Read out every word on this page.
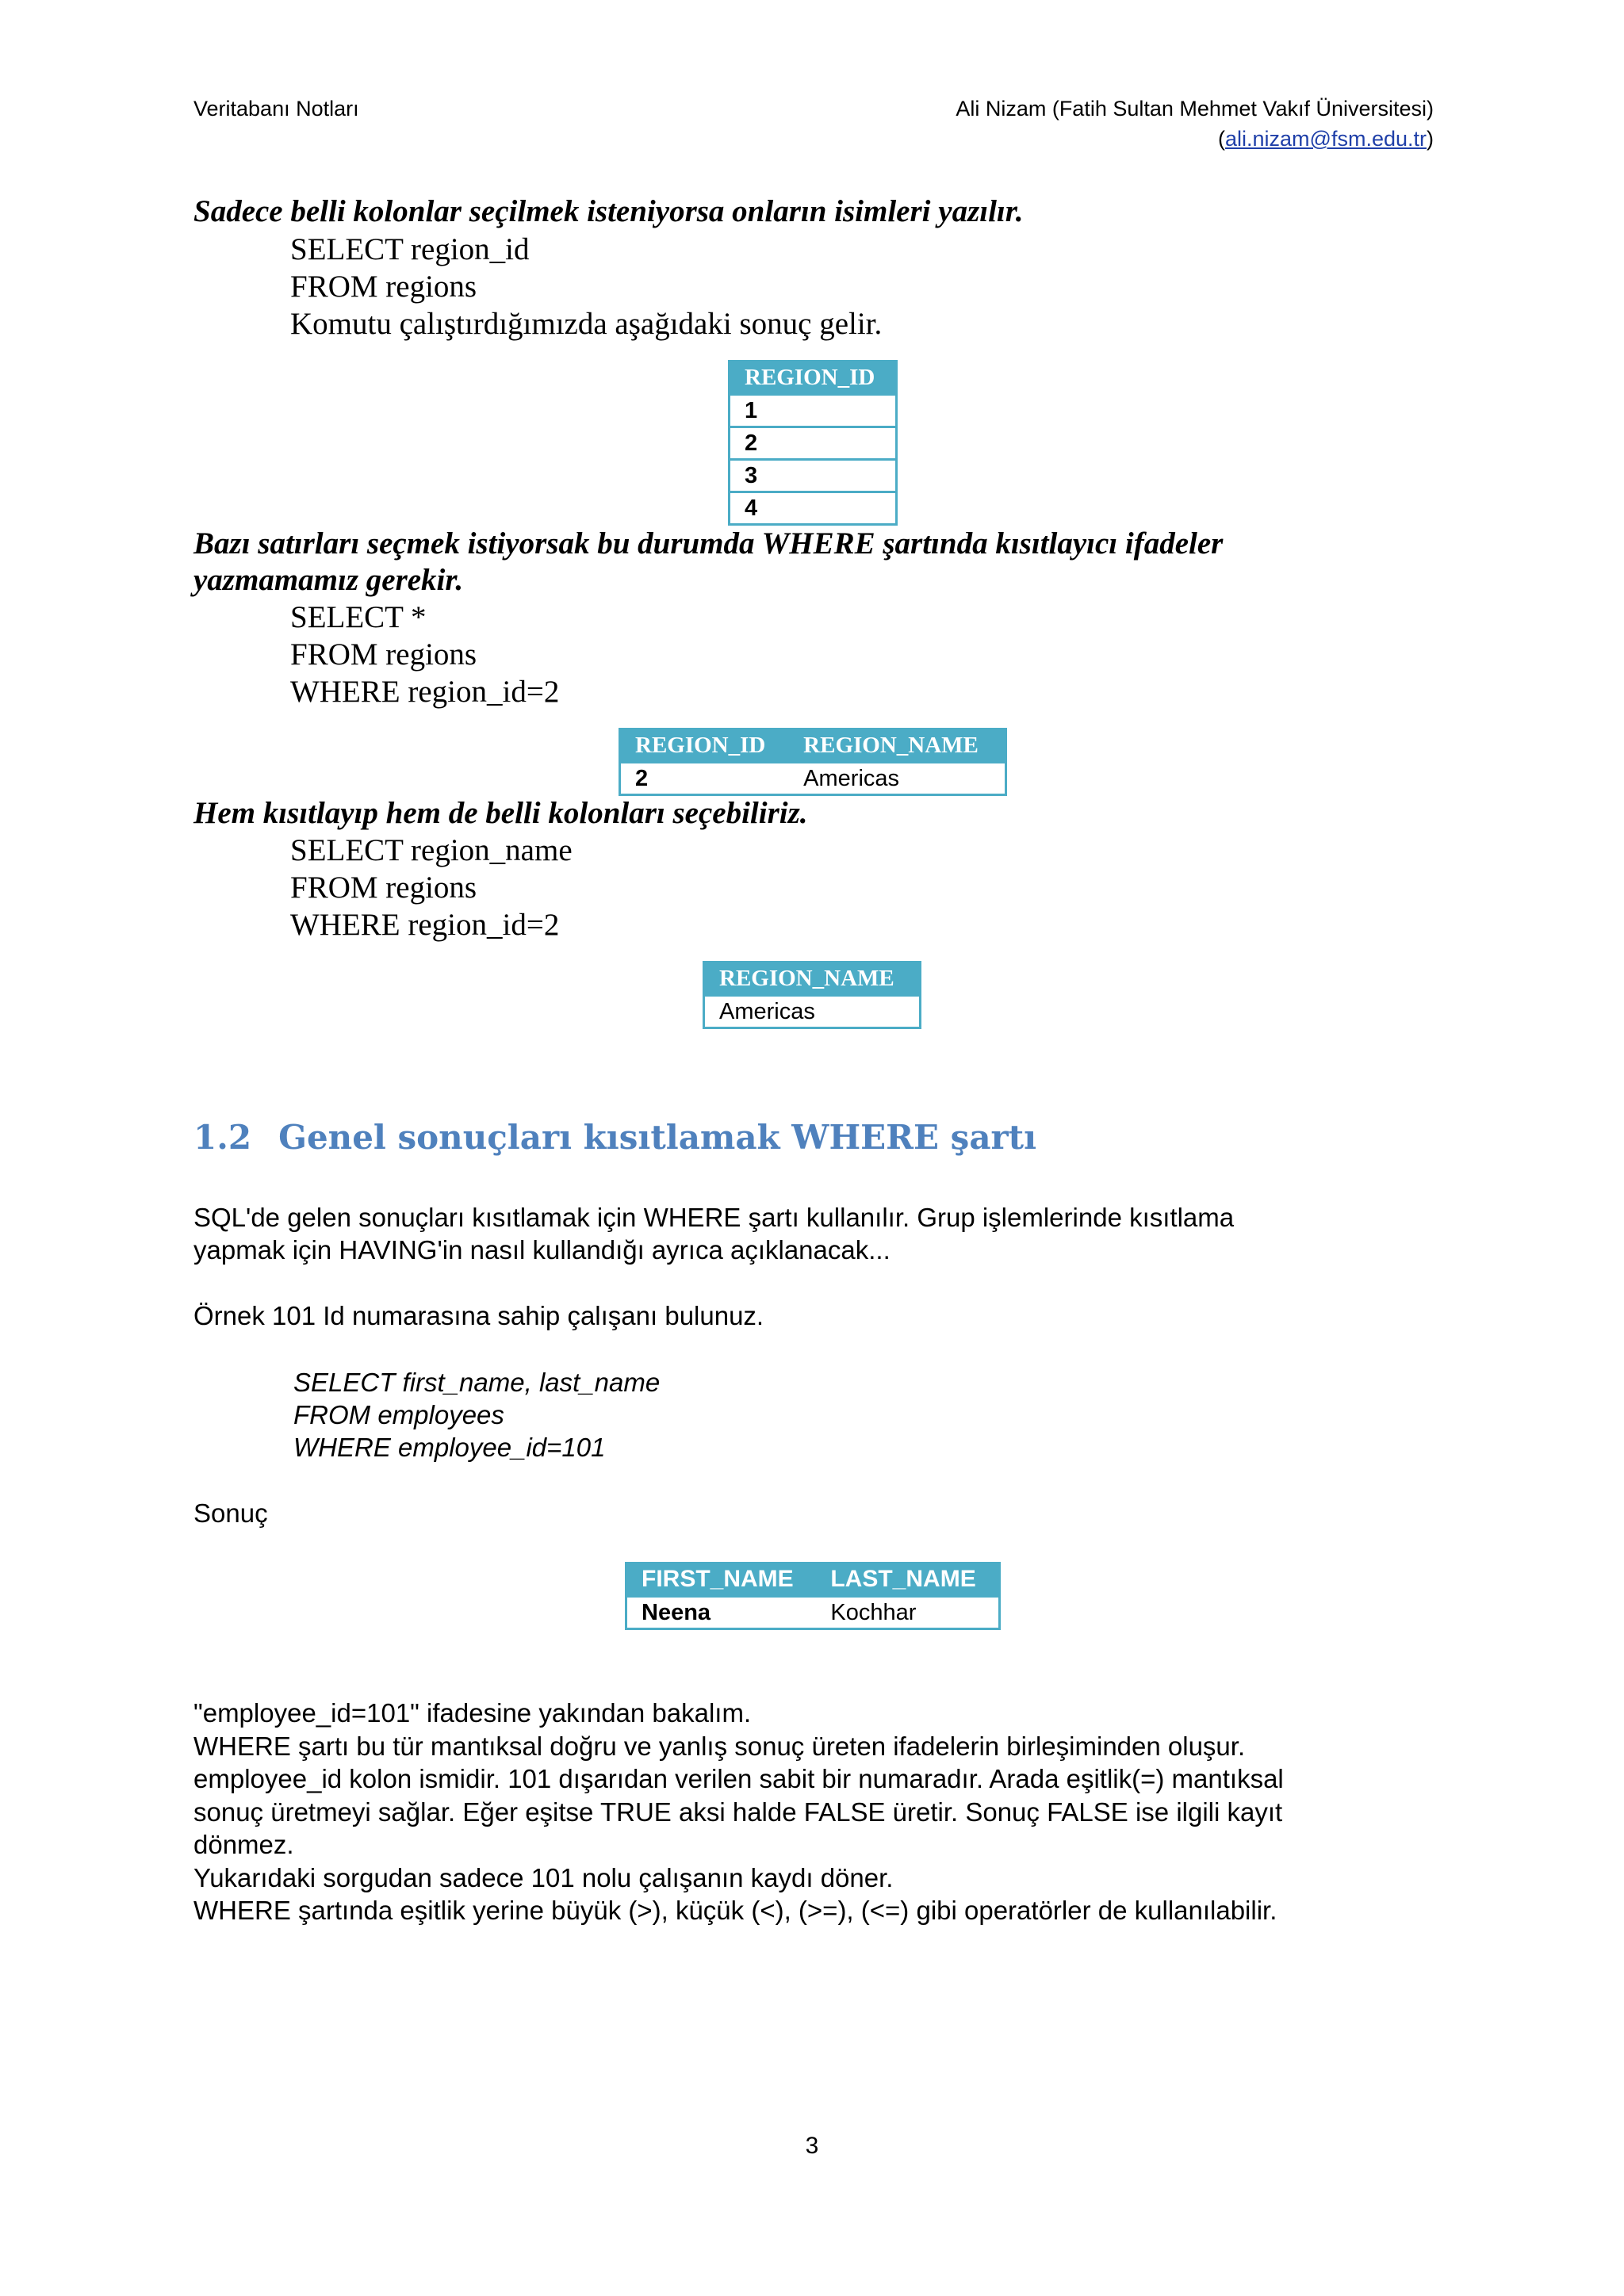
Veritabanı Notları	Ali Nizam (Fatih Sultan Mehmet Vakıf Üniversitesi)
(ali.nizam@fsm.edu.tr)
Sadece belli kolonlar seçilmek isteniyorsa onların isimleri yazılır.
SELECT region_id
FROM regions
Komutu çalıştırdığımızda aşağıdaki sonuç gelir.
REGION_ID
1
2
3
4
Bazı satırları seçmek istiyorsak bu durumda WHERE şartında kısıtlayıcı ifadeler
yazmamamız gerekir.
SELECT *
FROM regions
WHERE region_id=2
REGION_ID	REGION_NAME
2	Americas
Hem kısıtlayıp hem de belli kolonları seçebiliriz.
SELECT region_name
FROM regions
WHERE region_id=2
REGION_NAME
Americas
1.2 Genel sonuçları kısıtlamak WHERE şartı
SQL'de gelen sonuçları kısıtlamak için WHERE şartı kullanılır. Grup işlemlerinde kısıtlama
yapmak için HAVING'in nasıl kullandığı ayrıca açıklanacak...
Örnek 101 Id numarasına sahip çalışanı bulunuz.
SELECT first_name, last_name
FROM employees
WHERE employee_id=101
Sonuç
FIRST_NAME	LAST_NAME
Neena	Kochhar
"employee_id=101" ifadesine yakından bakalım.
WHERE şartı bu tür mantıksal doğru ve yanlış sonuç üreten ifadelerin birleşiminden oluşur.
employee_id kolon ismidir. 101 dışarıdan verilen sabit bir numaradır. Arada eşitlik(=) mantıksal
sonuç üretmeyi sağlar. Eğer eşitse TRUE aksi halde FALSE üretir. Sonuç FALSE ise ilgili kayıt
dönmez.
Yukarıdaki sorgudan sadece 101 nolu çalışanın kaydı döner.
WHERE şartında eşitlik yerine büyük (>), küçük (<), (>=), (<=) gibi operatörler de kullanılabilir.
3
